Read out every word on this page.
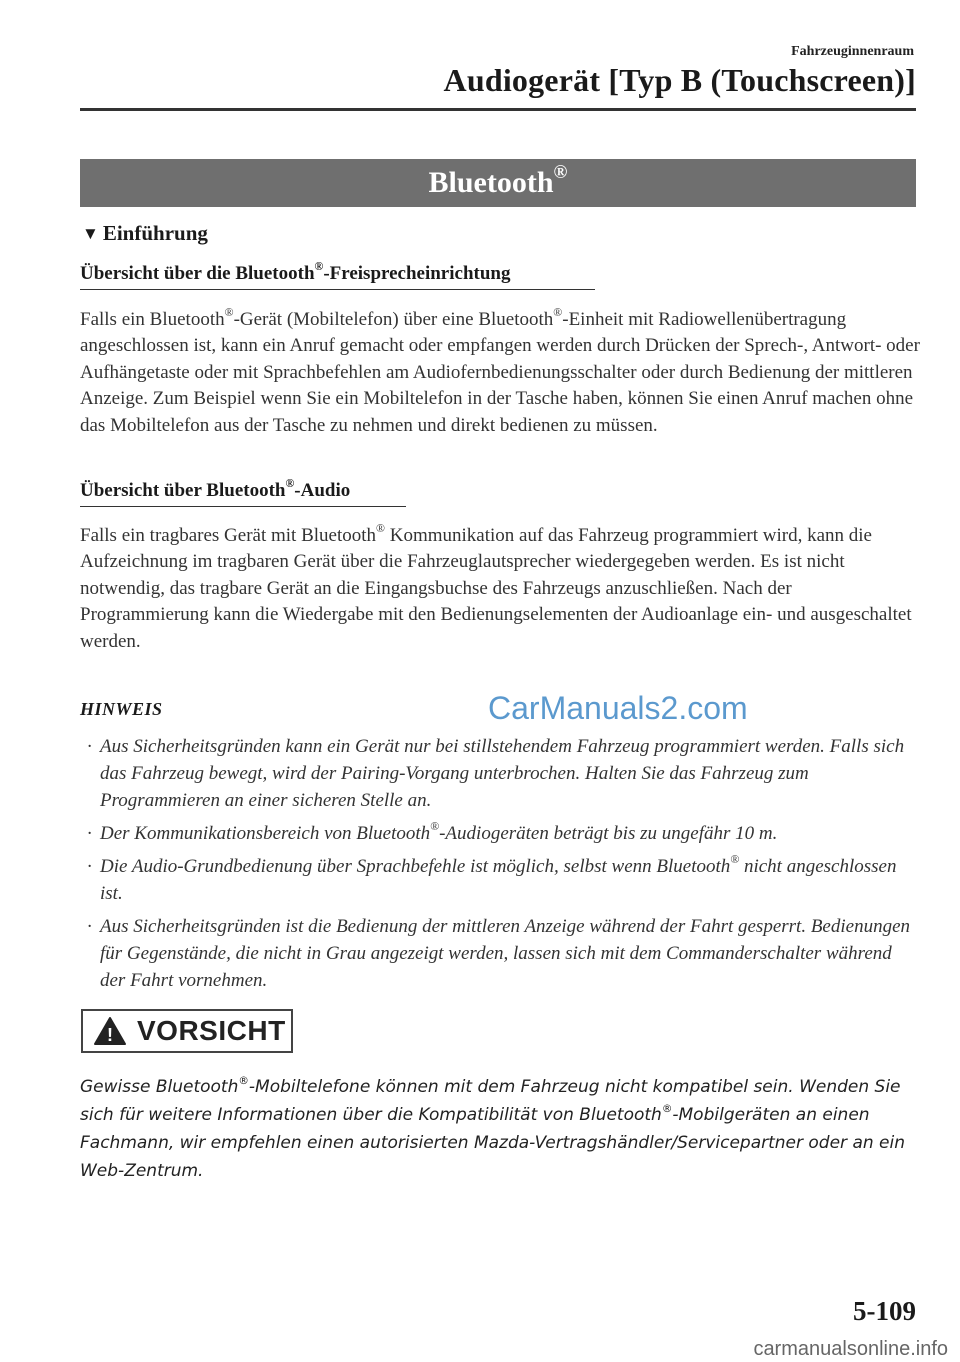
Fahrzeuginnenraum
Audiogerät [Typ B (Touchscreen)]
Bluetooth®
▼ Einführung
Übersicht über die Bluetooth®-Freisprecheinrichtung
Falls ein Bluetooth®-Gerät (Mobiltelefon) über eine Bluetooth®-Einheit mit Radiowellenübertragung angeschlossen ist, kann ein Anruf gemacht oder empfangen werden durch Drücken der Sprech-, Antwort- oder Aufhängetaste oder mit Sprachbefehlen am Audiofernbedienungsschalter oder durch Bedienung der mittleren Anzeige. Zum Beispiel wenn Sie ein Mobiltelefon in der Tasche haben, können Sie einen Anruf machen ohne das Mobiltelefon aus der Tasche zu nehmen und direkt bedienen zu müssen.
Übersicht über Bluetooth®-Audio
Falls ein tragbares Gerät mit Bluetooth® Kommunikation auf das Fahrzeug programmiert wird, kann die Aufzeichnung im tragbaren Gerät über die Fahrzeuglautsprecher wiedergegeben werden. Es ist nicht notwendig, das tragbare Gerät an die Eingangsbuchse des Fahrzeugs anzuschließen. Nach der Programmierung kann die Wiedergabe mit den Bedienungselementen der Audioanlage ein- und ausgeschaltet werden.
HINWEIS	CarManuals2.com
· Aus Sicherheitsgründen kann ein Gerät nur bei stillstehendem Fahrzeug programmiert werden. Falls sich das Fahrzeug bewegt, wird der Pairing-Vorgang unterbrochen. Halten Sie das Fahrzeug zum Programmieren an einer sicheren Stelle an.
· Der Kommunikationsbereich von Bluetooth®-Audiogeräten beträgt bis zu ungefähr 10 m.
· Die Audio-Grundbedienung über Sprachbefehle ist möglich, selbst wenn Bluetooth® nicht angeschlossen ist.
· Aus Sicherheitsgründen ist die Bedienung der mittleren Anzeige während der Fahrt gesperrt. Bedienungen für Gegenstände, die nicht in Grau angezeigt werden, lassen sich mit dem Commanderschalter während der Fahrt vornehmen.
! VORSICHT
Gewisse Bluetooth®-Mobiltelefone können mit dem Fahrzeug nicht kompatibel sein. Wenden Sie sich für weitere Informationen über die Kompatibilität von Bluetooth®-Mobilgeräten an einen Fachmann, wir empfehlen einen autorisierten Mazda-Vertragshändler/Servicepartner oder an ein Web-Zentrum.
5-109
carmanualsonline.info
